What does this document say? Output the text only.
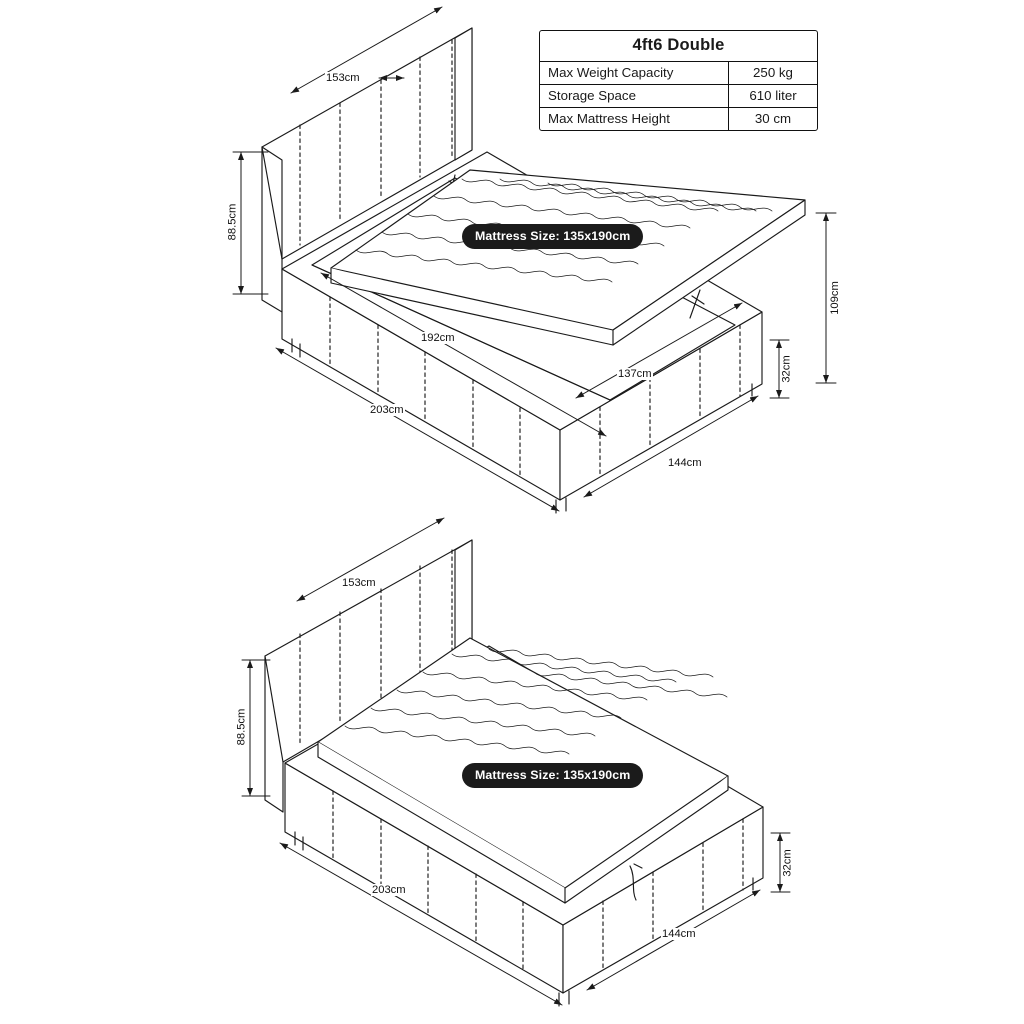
4ft6 Double
Max Weight Capacity	250 kg
Storage Space	610 liter
Max Mattress Height	30 cm
Mattress Size: 135x190cm
Mattress Size: 135x190cm
153cm
88.5cm
192cm
203cm
137cm
144cm
32cm
109cm
153cm
88.5cm
203cm
144cm
32cm
